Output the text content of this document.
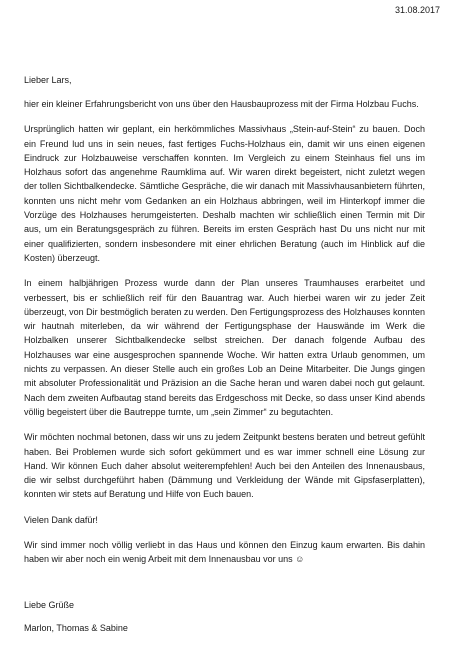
31.08.2017

Lieber Lars,

hier ein kleiner Erfahrungsbericht von uns über den Hausbauprozess mit der Firma Holzbau Fuchs.

Ursprünglich hatten wir geplant, ein herkömmliches Massivhaus „Stein-auf-Stein“ zu bauen. Doch ein Freund lud uns in sein neues, fast fertiges Fuchs-Holzhaus ein, damit wir uns einen eigenen Eindruck zur Holzbauweise verschaffen konnten. Im Vergleich zu einem Steinhaus fiel uns im Holzhaus sofort das angenehme Raumklima auf. Wir waren direkt begeistert, nicht zuletzt wegen der tollen Sichtbalkendecke. Sämtliche Gespräche, die wir danach mit Massivhausanbietern führten, konnten uns nicht mehr vom Gedanken an ein Holzhaus abbringen, weil im Hinterkopf immer die Vorzüge des Holzhauses herumgeisterten. Deshalb machten wir schließlich einen Termin mit Dir aus, um ein Beratungsgespräch zu führen. Bereits im ersten Gespräch hast Du uns nicht nur mit einer qualifizierten, sondern insbesondere mit einer ehrlichen Beratung (auch im Hinblick auf die Kosten) überzeugt.

In einem halbjährigen Prozess wurde dann der Plan unseres Traumhauses erarbeitet und verbessert, bis er schließlich reif für den Bauantrag war. Auch hierbei waren wir zu jeder Zeit überzeugt, von Dir bestmöglich beraten zu werden. Den Fertigungsprozess des Holzhauses konnten wir hautnah miterleben, da wir während der Fertigungsphase der Hauswände im Werk die Holzbalken unserer Sichtbalkendecke selbst streichen. Der danach folgende Aufbau des Holzhauses war eine ausgesprochen spannende Woche. Wir hatten extra Urlaub genommen, um nichts zu verpassen. An dieser Stelle auch ein großes Lob an Deine Mitarbeiter. Die Jungs gingen mit absoluter Professionalität und Präzision an die Sache heran und waren dabei noch gut gelaunt. Nach dem zweiten Aufbautag stand bereits das Erdgeschoss mit Decke, so dass unser Kind abends völlig begeistert über die Bautreppe turnte, um „sein Zimmer“ zu begutachten.

Wir möchten nochmal betonen, dass wir uns zu jedem Zeitpunkt bestens beraten und betreut gefühlt haben. Bei Problemen wurde sich sofort gekümmert und es war immer schnell eine Lösung zur Hand. Wir können Euch daher absolut weiterempfehlen! Auch bei den Anteilen des Innenausbaus, die wir selbst durchgeführt haben (Dämmung und Verkleidung der Wände mit Gipsfaserplatten), konnten wir stets auf Beratung und Hilfe von Euch bauen.

Vielen Dank dafür!

Wir sind immer noch völlig verliebt in das Haus und können den Einzug kaum erwarten. Bis dahin haben wir aber noch ein wenig Arbeit mit dem Innenausbau vor uns ☺

Liebe Grüße

Marlon, Thomas & Sabine
